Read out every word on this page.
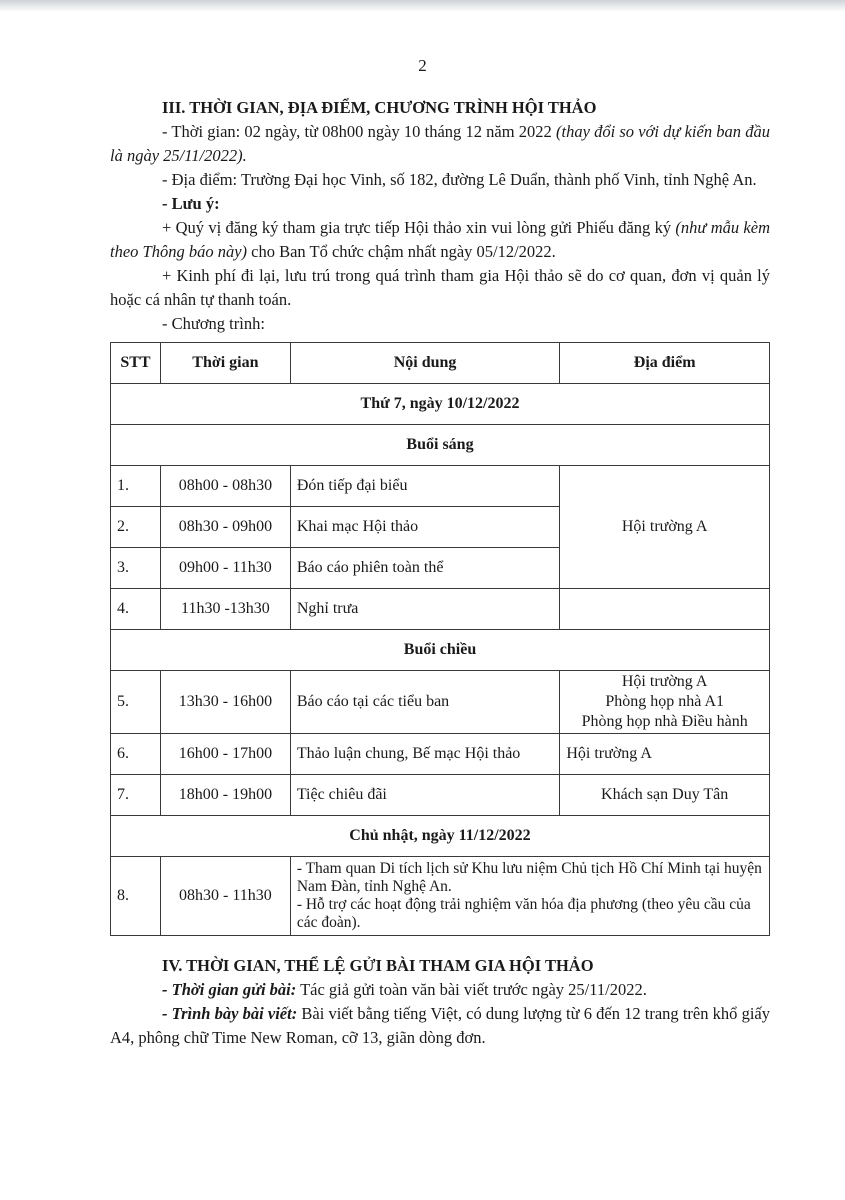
2
III. THỜI GIAN, ĐỊA ĐIỂM, CHƯƠNG TRÌNH HỘI THẢO

- Thời gian: 02 ngày, từ 08h00 ngày 10 tháng 12 năm 2022 (thay đổi so với dự kiến ban đầu là ngày 25/11/2022).

- Địa điểm: Trường Đại học Vinh, số 182, đường Lê Duẩn, thành phố Vinh, tỉnh Nghệ An.

- Lưu ý:

+ Quý vị đăng ký tham gia trực tiếp Hội thảo xin vui lòng gửi Phiếu đăng ký (như mẫu kèm theo Thông báo này) cho Ban Tổ chức chậm nhất ngày 05/12/2022.

+ Kinh phí đi lại, lưu trú trong quá trình tham gia Hội thảo sẽ do cơ quan, đơn vị quản lý hoặc cá nhân tự thanh toán.

- Chương trình:

STT	Thời gian	Nội dung	Địa điểm
Thứ 7, ngày 10/12/2022			
Buổi sáng			
1.	08h00 - 08h30	Đón tiếp đại biểu	Hội trường A
2.	08h30 - 09h00	Khai mạc Hội thảo	
3.	09h00 - 11h30	Báo cáo phiên toàn thể	
4.	11h30 -13h30	Nghỉ trưa	
Buổi chiều			
5.	13h30 - 16h00	Báo cáo tại các tiểu ban	Hội trường A
Phòng họp nhà A1
Phòng họp nhà Điều hành

6.	16h00 - 17h00	Thảo luận chung, Bế mạc Hội thảo	Hội trường A
7.	18h00 - 19h00	Tiệc chiêu đãi	Khách sạn Duy Tân
Chủ nhật, ngày 11/12/2022			
8.	08h30 - 11h30	- Tham quan Di tích lịch sử Khu lưu niệm Chủ tịch Hồ Chí Minh tại huyện Nam Đàn, tỉnh Nghệ An.
- Hỗ trợ các hoạt động trải nghiệm văn hóa địa phương (theo yêu cầu của các đoàn).	
IV. THỜI GIAN, THỂ LỆ GỬI BÀI THAM GIA HỘI THẢO

- Thời gian gửi bài: Tác giả gửi toàn văn bài viết trước ngày 25/11/2022.

- Trình bày bài viết: Bài viết bằng tiếng Việt, có dung lượng từ 6 đến 12 trang trên khổ giấy A4, phông chữ Time New Roman, cỡ 13, giãn dòng đơn.
